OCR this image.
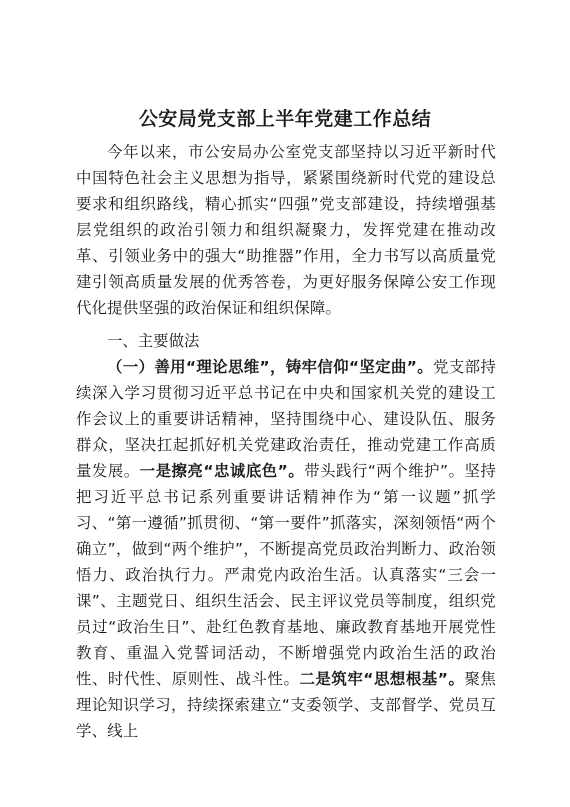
公安局党支部上半年党建工作总结

今年以来，市公安局办公室党支部坚持以习近平新时代中国特色社会主义思想为指导，紧紧围绕新时代党的建设总要求和组织路线，精心抓实“四强”党支部建设，持续增强基层党组织的政治引领力和组织凝聚力，发挥党建在推动改革、引领业务中的强大“助推器”作用，全力书写以高质量党建引领高质量发展的优秀答卷，为更好服务保障公安工作现代化提供坚强的政治保证和组织保障。

一、主要做法

（一）善用“理论思维”，铸牢信仰“坚定曲”。党支部持续深入学习贯彻习近平总书记在中央和国家机关党的建设工作会议上的重要讲话精神，坚持围绕中心、建设队伍、服务群众，坚决扛起抓好机关党建政治责任，推动党建工作高质量发展。一是擦亮“忠诚底色”。带头践行“两个维护”。坚持把习近平总书记系列重要讲话精神作为“第一议题”抓学习、“第一遵循”抓贯彻、“第一要件”抓落实，深刻领悟“两个确立”，做到“两个维护”，不断提高党员政治判断力、政治领悟力、政治执行力。严肃党内政治生活。认真落实“三会一课”、主题党日、组织生活会、民主评议党员等制度，组织党员过“政治生日”、赴红色教育基地、廉政教育基地开展党性教育、重温入党誓词活动，不断增强党内政治生活的政治性、时代性、原则性、战斗性。二是筑牢“思想根基”。聚焦理论知识学习，持续探索建立“支委领学、支部督学、党员互学、线上
